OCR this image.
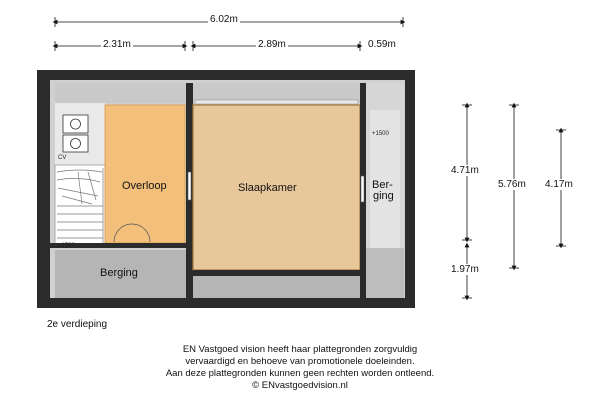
6.02m
2.31m	2.89m	0.59m
4.71m
1.97m
5.76m 4.17m
Overloop	Slaapkamer
Berging
Ber-
ging
CV
+1500
+1500
2e verdieping
EN Vastgoed vision heeft haar plattegronden zorgvuldig
vervaardigd en behoeve van promotionele doeleinden.
Aan deze plattegronden kunnen geen rechten worden ontleend.
© ENvastgoedvision.nl
